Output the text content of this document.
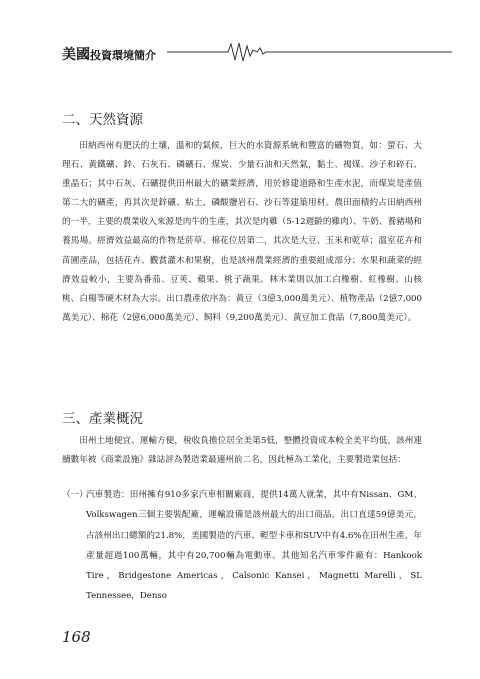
美國投資環境簡介
二、天然資源
田納西州有肥沃的土壤，溫和的氣候，巨大的水資源系統和豐富的礦物質，如：螢石、大理石、黃鐵礦、鋅、石灰石、磷礦石、煤炭、少量石油和天然氣，黏土、褐煤、沙子和碎石、重晶石；其中石灰、石礦提供田州最大的礦業經濟，用於修建道路和生產水泥，而煤炭是產值第二大的礦產，再其次是鋅礦、粘土、磷酸鹽岩石、沙石等建築用材。農田面積約占田納西州的一半，主要的農業收入來源是肉牛的生產，其次是肉雞（5-12週齡的雞肉）、牛奶、養豬場和養馬場。經濟效益最高的作物是菸草、棉花位居第二，其次是大豆、玉米和乾草；溫室花卉和苗圃產品，包括花卉、觀賞灌木和果樹，也是該州農業經濟的重要組成部分；水果和蔬菜的經濟效益較小，主要為番茄、豆莢、蘋果、桃子蔬果。林木業則以加工白橡樹、紅橡樹、山核桃、白楊等硬木材為大宗。出口農產依序為：黃豆（3億3,000萬美元）、植物產品（2億7,000萬美元）、棉花（2億6,000萬美元）、飼料（9,200萬美元）、黃豆加工食品（7,800萬美元）。
三、產業概況
田州土地便宜、運輸方便，稅收負擔位居全美第5低，整體投資成本較全美平均低，該州連續數年被《商業設施》雜誌評為製造業最適州前二名，因此極為工業化，主要製造業包括：
（一）
汽車製造：田州擁有910多家汽車相關廠商，提供14萬人就業，其中有Nissan、GM、Volkswagen三個主要裝配廠，運輸設備是該州最大的出口商品，出口直達59億美元，占該州出口總額的21.8%，美國製造的汽車、輕型卡車和SUV中有4.6%在田州生產，年產量超過100萬輛，其中有20,700輛為電動車。其他知名汽車零件廠有：Hankook Tire，Bridgestone Americas，Calsonic Kansei，Magnetti Marelli，SL Tennessee，Denso
168
